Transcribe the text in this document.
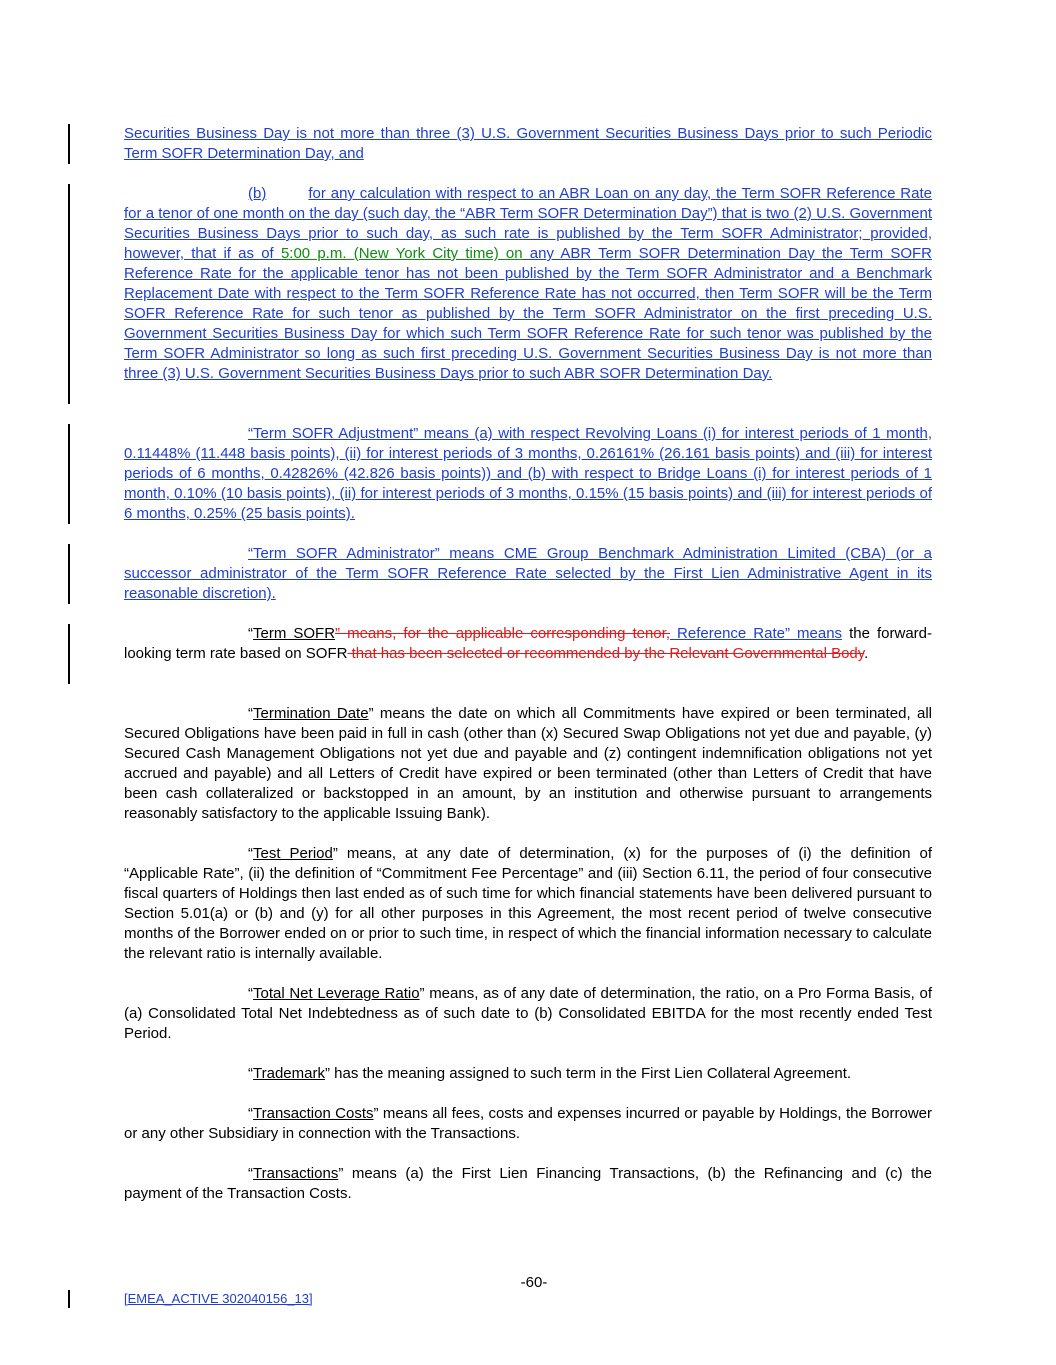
Securities Business Day is not more than three (3) U.S. Government Securities Business Days prior to such Periodic Term SOFR Determination Day, and

(b)	for any calculation with respect to an ABR Loan on any day, the Term SOFR Reference Rate for a tenor of one month on the day (such day, the “ABR Term SOFR Determination Day”) that is two (2) U.S. Government Securities Business Days prior to such day, as such rate is published by the Term SOFR Administrator; provided, however, that if as of 5:00 p.m. (New York City time) on any ABR Term SOFR Determination Day the Term SOFR Reference Rate for the applicable tenor has not been published by the Term SOFR Administrator and a Benchmark Replacement Date with respect to the Term SOFR Reference Rate has not occurred, then Term SOFR will be the Term SOFR Reference Rate for such tenor as published by the Term SOFR Administrator on the first preceding U.S. Government Securities Business Day for which such Term SOFR Reference Rate for such tenor was published by the Term SOFR Administrator so long as such first preceding U.S. Government Securities Business Day is not more than three (3) U.S. Government Securities Business Days prior to such ABR SOFR Determination Day.

“Term SOFR Adjustment” means (a) with respect Revolving Loans (i) for interest periods of 1 month, 0.11448% (11.448 basis points), (ii) for interest periods of 3 months, 0.26161% (26.161 basis points) and (iii) for interest periods of 6 months, 0.42826% (42.826 basis points)) and (b) with respect to Bridge Loans (i) for interest periods of 1 month, 0.10% (10 basis points), (ii) for interest periods of 3 months, 0.15% (15 basis points) and (iii) for interest periods of 6 months, 0.25% (25 basis points).

“Term SOFR Administrator” means CME Group Benchmark Administration Limited (CBA) (or a successor administrator of the Term SOFR Reference Rate selected by the First Lien Administrative Agent in its reasonable discretion).

“Term SOFR” means, for the applicable corresponding tenor, Reference Rate” means the forward-looking term rate based on SOFR that has been selected or recommended by the Relevant Governmental Body.

“Termination Date” means the date on which all Commitments have expired or been terminated, all Secured Obligations have been paid in full in cash (other than (x) Secured Swap Obligations not yet due and payable, (y) Secured Cash Management Obligations not yet due and payable and (z) contingent indemnification obligations not yet accrued and payable) and all Letters of Credit have expired or been terminated (other than Letters of Credit that have been cash collateralized or backstopped in an amount, by an institution and otherwise pursuant to arrangements reasonably satisfactory to the applicable Issuing Bank).

“Test Period” means, at any date of determination, (x) for the purposes of (i) the definition of “Applicable Rate”, (ii) the definition of “Commitment Fee Percentage” and (iii) Section 6.11, the period of four consecutive fiscal quarters of Holdings then last ended as of such time for which financial statements have been delivered pursuant to Section 5.01(a) or (b) and (y) for all other purposes in this Agreement, the most recent period of twelve consecutive months of the Borrower ended on or prior to such time, in respect of which the financial information necessary to calculate the relevant ratio is internally available.

“Total Net Leverage Ratio” means, as of any date of determination, the ratio, on a Pro Forma Basis, of (a) Consolidated Total Net Indebtedness as of such date to (b) Consolidated EBITDA for the most recently ended Test Period.

“Trademark” has the meaning assigned to such term in the First Lien Collateral Agreement.

“Transaction Costs” means all fees, costs and expenses incurred or payable by Holdings, the Borrower or any other Subsidiary in connection with the Transactions.

“Transactions” means (a) the First Lien Financing Transactions, (b) the Refinancing and (c) the payment of the Transaction Costs.

-60-
[EMEA_ACTIVE 302040156_13]
